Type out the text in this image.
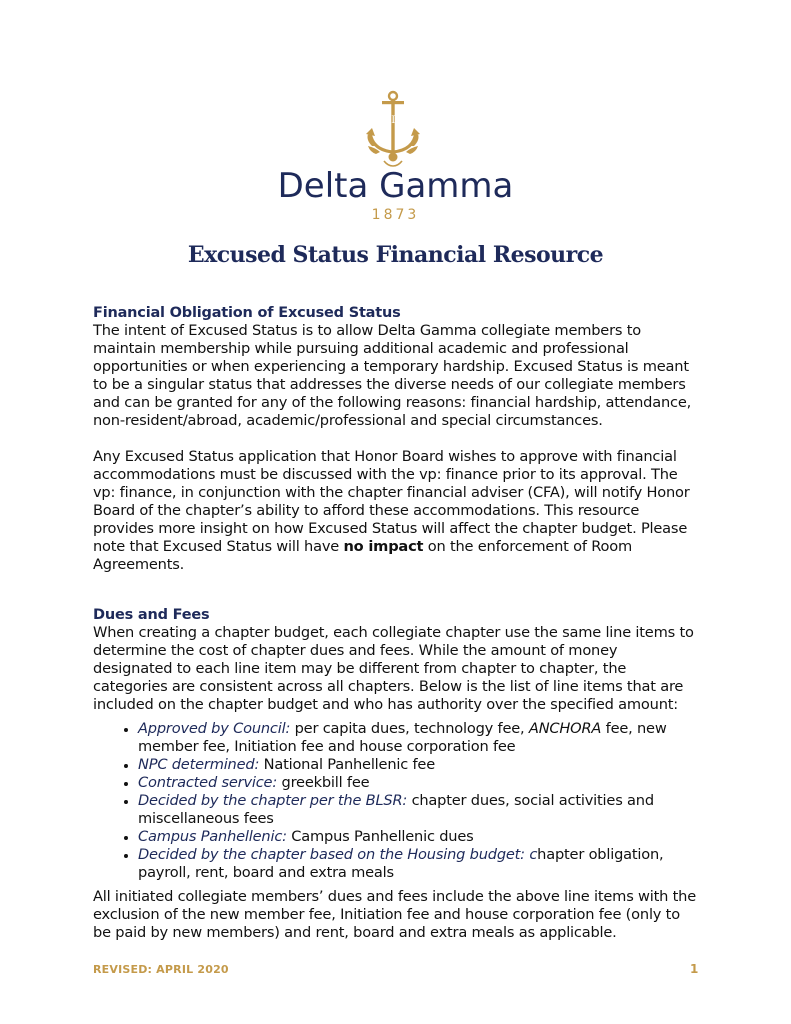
ΔΓ
Delta Gamma
1873
Excused Status Financial Resource
Financial Obligation of Excused Status

The intent of Excused Status is to allow Delta Gamma collegiate members to maintain membership while pursuing additional academic and professional opportunities or when experiencing a temporary hardship. Excused Status is meant to be a singular status that addresses the diverse needs of our collegiate members and can be granted for any of the following reasons: financial hardship, attendance, non-resident/abroad, academic/professional and special circumstances.

Any Excused Status application that Honor Board wishes to approve with financial accommodations must be discussed with the vp: finance prior to its approval. The vp: finance, in conjunction with the chapter financial adviser (CFA), will notify Honor Board of the chapter’s ability to afford these accommodations. This resource provides more insight on how Excused Status will affect the chapter budget. Please note that Excused Status will have no impact on the enforcement of Room Agreements.

Dues and Fees

When creating a chapter budget, each collegiate chapter use the same line items to determine the cost of chapter dues and fees. While the amount of money designated to each line item may be different from chapter to chapter, the categories are consistent across all chapters. Below is the list of line items that are included on the chapter budget and who has authority over the specified amount:

• Approved by Council: per capita dues, technology fee, ANCHORA fee, new member fee, Initiation fee and house corporation fee
• NPC determined: National Panhellenic fee
• Contracted service: greekbill fee
• Decided by the chapter per the BLSR: chapter dues, social activities and miscellaneous fees
• Campus Panhellenic: Campus Panhellenic dues
• Decided by the chapter based on the Housing budget: chapter obligation, payroll, rent, board and extra meals

All initiated collegiate members’ dues and fees include the above line items with the exclusion of the new member fee, Initiation fee and house corporation fee (only to be paid by new members) and rent, board and extra meals as applicable.

REVISED: APRIL 2020	1
